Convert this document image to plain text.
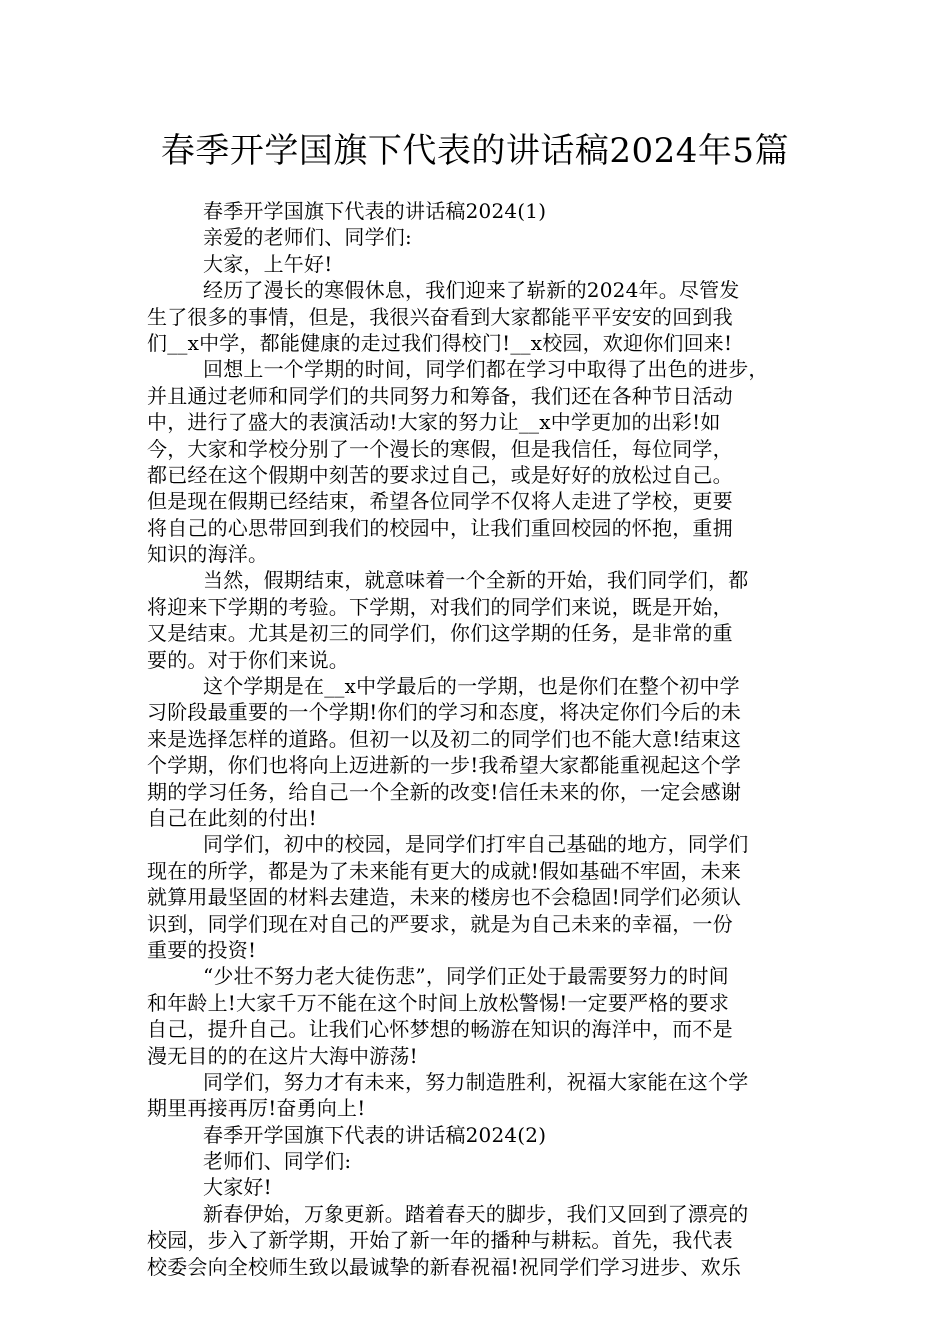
春季开学国旗下代表的讲话稿2024年5篇
春季开学国旗下代表的讲话稿2024(1)
亲爱的老师们、同学们:
大家，上午好!
经历了漫长的寒假休息，我们迎来了崭新的2024年。尽管发
生了很多的事情，但是，我很兴奋看到大家都能平平安安的回到我
们__x中学，都能健康的走过我们得校门!__x校园，欢迎你们回来!
回想上一个学期的时间，同学们都在学习中取得了出色的进步，
并且通过老师和同学们的共同努力和筹备，我们还在各种节日活动
中，进行了盛大的表演活动!大家的努力让__x中学更加的出彩!如
今，大家和学校分别了一个漫长的寒假，但是我信任，每位同学，
都已经在这个假期中刻苦的要求过自己，或是好好的放松过自己。
但是现在假期已经结束，希望各位同学不仅将人走进了学校，更要
将自己的心思带回到我们的校园中，让我们重回校园的怀抱，重拥
知识的海洋。
当然，假期结束，就意味着一个全新的开始，我们同学们，都
将迎来下学期的考验。下学期，对我们的同学们来说，既是开始，
又是结束。尤其是初三的同学们，你们这学期的任务，是非常的重
要的。对于你们来说。
这个学期是在__x中学最后的一学期，也是你们在整个初中学
习阶段最重要的一个学期!你们的学习和态度，将决定你们今后的未
来是选择怎样的道路。但初一以及初二的同学们也不能大意!结束这
个学期，你们也将向上迈进新的一步!我希望大家都能重视起这个学
期的学习任务，给自己一个全新的改变!信任未来的你，一定会感谢
自己在此刻的付出!
同学们，初中的校园，是同学们打牢自己基础的地方，同学们
现在的所学，都是为了未来能有更大的成就!假如基础不牢固，未来
就算用最坚固的材料去建造，未来的楼房也不会稳固!同学们必须认
识到，同学们现在对自己的严要求，就是为自己未来的幸福，一份
重要的投资!
“少壮不努力老大徒伤悲”，同学们正处于最需要努力的时间
和年龄上!大家千万不能在这个时间上放松警惕!一定要严格的要求
自己，提升自己。让我们心怀梦想的畅游在知识的海洋中，而不是
漫无目的的在这片大海中游荡!
同学们，努力才有未来，努力制造胜利，祝福大家能在这个学
期里再接再厉!奋勇向上!
春季开学国旗下代表的讲话稿2024(2)
老师们、同学们:
大家好!
新春伊始，万象更新。踏着春天的脚步，我们又回到了漂亮的
校园，步入了新学期，开始了新一年的播种与耕耘。首先，我代表
校委会向全校师生致以最诚挚的新春祝福!祝同学们学习进步、欢乐
